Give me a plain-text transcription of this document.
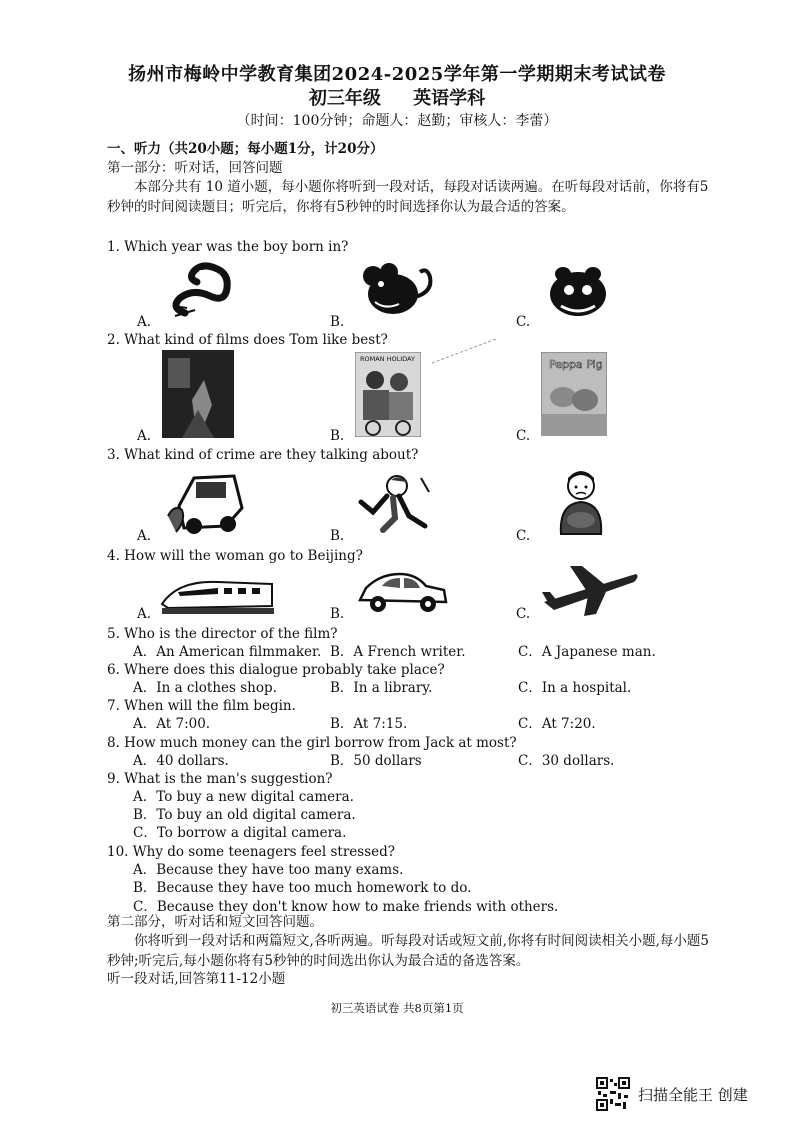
扬州市梅岭中学教育集团2024-2025学年第一学期期末考试试卷
初三年级 英语学科
（时间：100分钟；命题人：赵勤；审核人：李蕾）
一、听力（共20小题；每小题1分，计20分）
第一部分：听对话，回答问题
本部分共有 10 道小题，每小题你将听到一段对话，每段对话读两遍。在听每段对话前，你将有5秒钟的时间阅读题目；听完后，你将有5秒钟的时间选择你认为最合适的答案。
1. Which year was the boy born in?
A.	B.	C.
2. What kind of films does Tom like best?
A.
ROMAN HOLIDAY
B.
Peppa Pig
C.
3. What kind of crime are they talking about?
A.	B.	C.
4. How will the woman go to Beijing?
A.	B.	C.
5. Who is the director of the film?
A．An American filmmaker. B．A French writer.	C．A Japanese man.
6. Where does this dialogue probably take place?
A．In a clothes shop.	B．In a library.	C．In a hospital.
7. When will the film begin.
A．At 7:00.	B．At 7:15.	C．At 7:20.
8. How much money can the girl borrow from Jack at most?
A．40 dollars.	B．50 dollars	C．30 dollars.
9. What is the man's suggestion?
A．To buy a new digital camera.
B．To buy an old digital camera.
C．To borrow a digital camera.
10. Why do some teenagers feel stressed?
A．Because they have too many exams.
B．Because they have too much homework to do.
C．Because they don't know how to make friends with others.
第二部分，听对话和短文回答问题。
你将听到一段对话和两篇短文,各听两遍。听每段对话或短文前,你将有时间阅读相关小题,每小题5秒钟;听完后,每小题你将有5秒钟的时间选出你认为最合适的备选答案。
听一段对话,回答第11-12小题
初三英语试卷 共8页第1页
扫描全能王 创建
